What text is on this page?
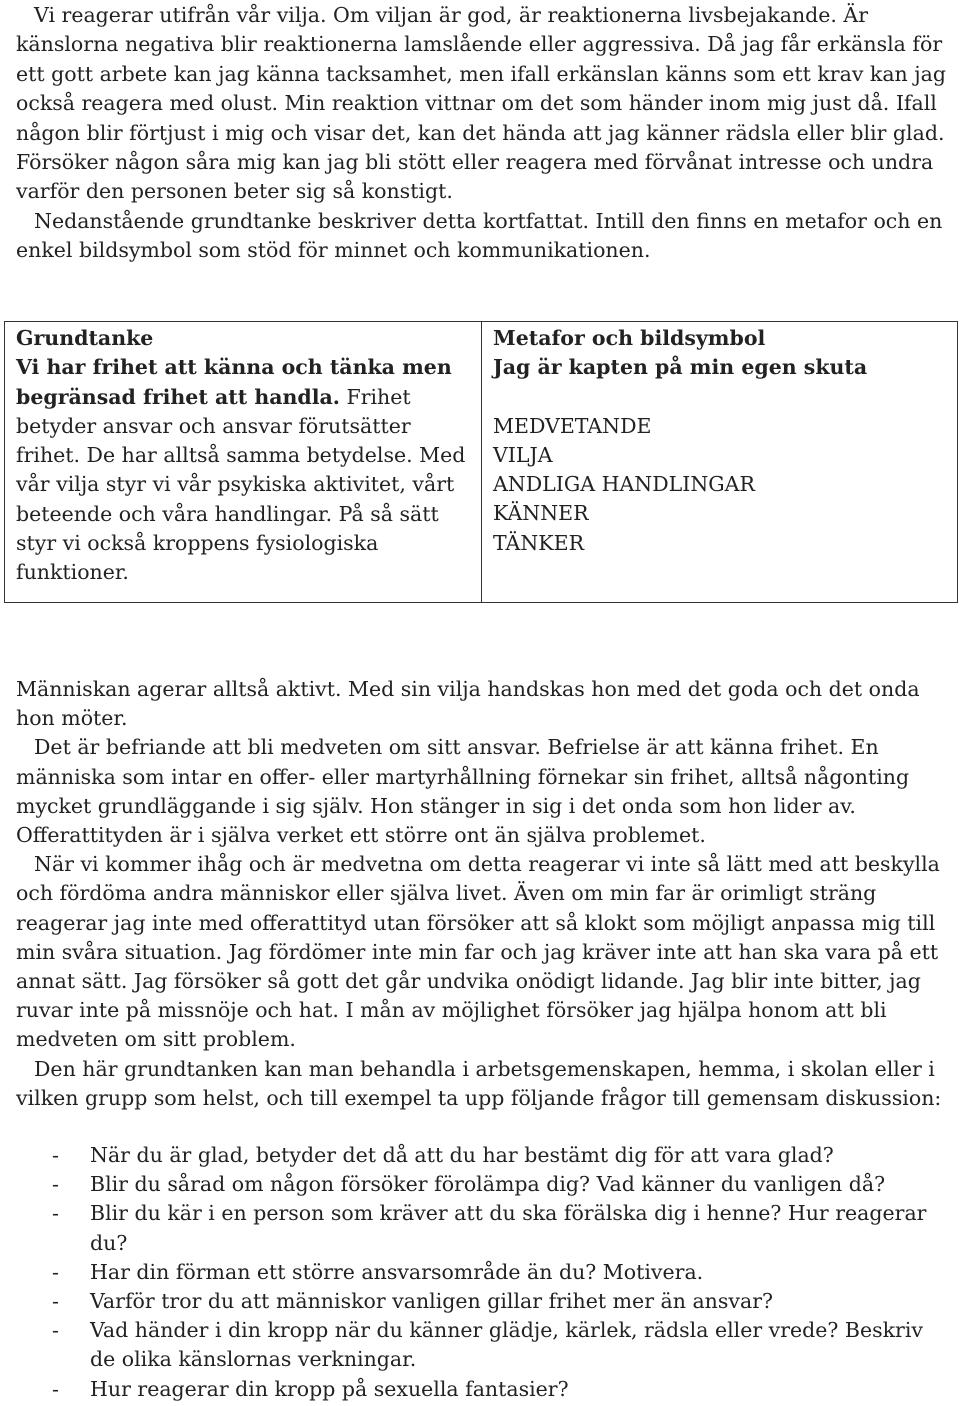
Vi reagerar utifrån vår vilja. Om viljan är god, är reaktionerna livsbejakande. Är känslorna negativa blir reaktionerna lamslående eller aggressiva. Då jag får erkänsla för ett gott arbete kan jag känna tacksamhet, men ifall erkänslan känns som ett krav kan jag också reagera med olust. Min reaktion vittnar om det som händer inom mig just då. Ifall någon blir förtjust i mig och visar det, kan det hända att jag känner rädsla eller blir glad. Försöker någon såra mig kan jag bli stött eller reagera med förvånat intresse och undra varför den personen beter sig så konstigt.

Nedanstående grundtanke beskriver detta kortfattat. Intill den finns en metafor och en enkel bildsymbol som stöd för minnet och kommunikationen.

Grundtanke
Vi har frihet att känna och tänka men begränsad frihet att handla. Frihet betyder ansvar och ansvar förutsätter frihet. De har alltså samma betydelse. Med vår vilja styr vi vår psykiska aktivitet, vårt beteende och våra handlingar. På så sätt styr vi också kroppens fysiologiska funktioner.	
Metafor och bildsymbol
Jag är kapten på min egen skuta
MEDVETANDE
VILJA
ANDLIGA HANDLINGAR
KÄNNER
TÄNKER

Människan agerar alltså aktivt. Med sin vilja handskas hon med det goda och det onda hon möter.

Det är befriande att bli medveten om sitt ansvar. Befrielse är att känna frihet. En människa som intar en offer- eller martyrhållning förnekar sin frihet, alltså någonting mycket grundläggande i sig själv. Hon stänger in sig i det onda som hon lider av. Offerattityden är i själva verket ett större ont än själva problemet.

När vi kommer ihåg och är medvetna om detta reagerar vi inte så lätt med att beskylla och fördöma andra människor eller själva livet. Även om min far är orimligt sträng reagerar jag inte med offerattityd utan försöker att så klokt som möjligt anpassa mig till min svåra situation. Jag fördömer inte min far och jag kräver inte att han ska vara på ett annat sätt. Jag försöker så gott det går undvika onödigt lidande. Jag blir inte bitter, jag ruvar inte på missnöje och hat. I mån av möjlighet försöker jag hjälpa honom att bli medveten om sitt problem.

Den här grundtanken kan man behandla i arbetsgemenskapen, hemma, i skolan eller i vilken grupp som helst, och till exempel ta upp följande frågor till gemensam diskussion:

- När du är glad, betyder det då att du har bestämt dig för att vara glad?
- Blir du sårad om någon försöker förolämpa dig? Vad känner du vanligen då?
- Blir du kär i en person som kräver att du ska förälska dig i henne? Hur reagerar du?
- Har din förman ett större ansvarsområde än du? Motivera.
- Varför tror du att människor vanligen gillar frihet mer än ansvar?
- Vad händer i din kropp när du känner glädje, kärlek, rädsla eller vrede? Beskriv de olika känslornas verkningar.
- Hur reagerar din kropp på sexuella fantasier?
